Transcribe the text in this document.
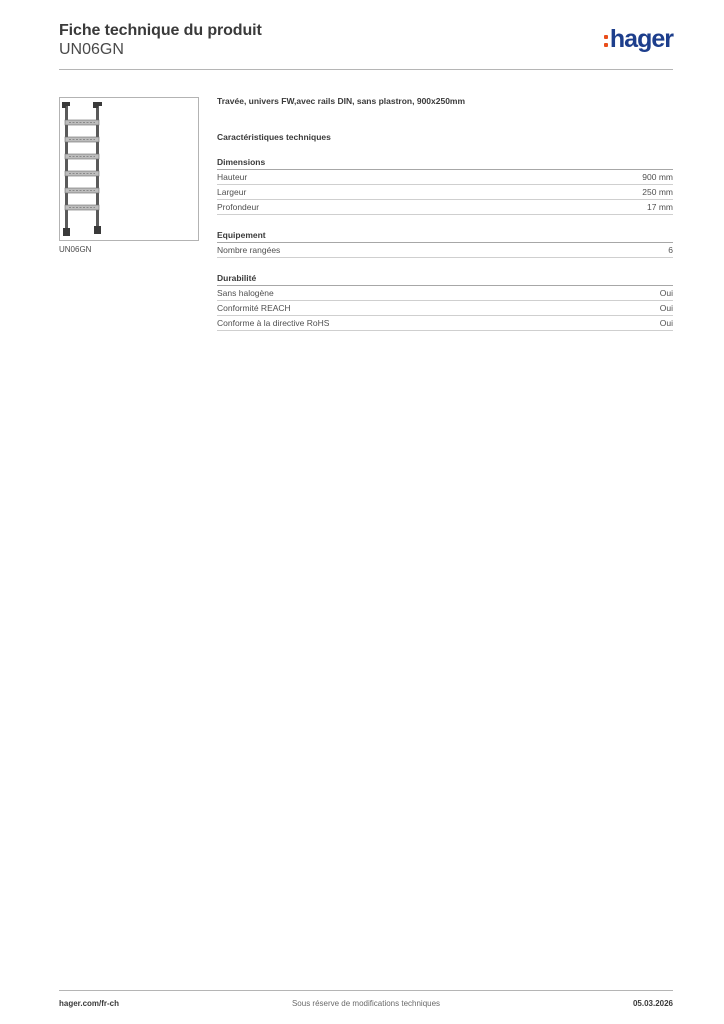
Fiche technique du produit
UN06GN	hager
UN06GN
Travée, univers FW,avec rails DIN, sans plastron, 900x250mm
Caractéristiques techniques
Dimensions
Hauteur	900 mm
Largeur	250 mm
Profondeur	17 mm
Equipement
Nombre rangées	6
Durabilité
Sans halogène	Oui
Conformité REACH	Oui
Conforme à la directive RoHS	Oui
hager.com/fr-ch	Sous réserve de modifications techniques	05.03.2026
